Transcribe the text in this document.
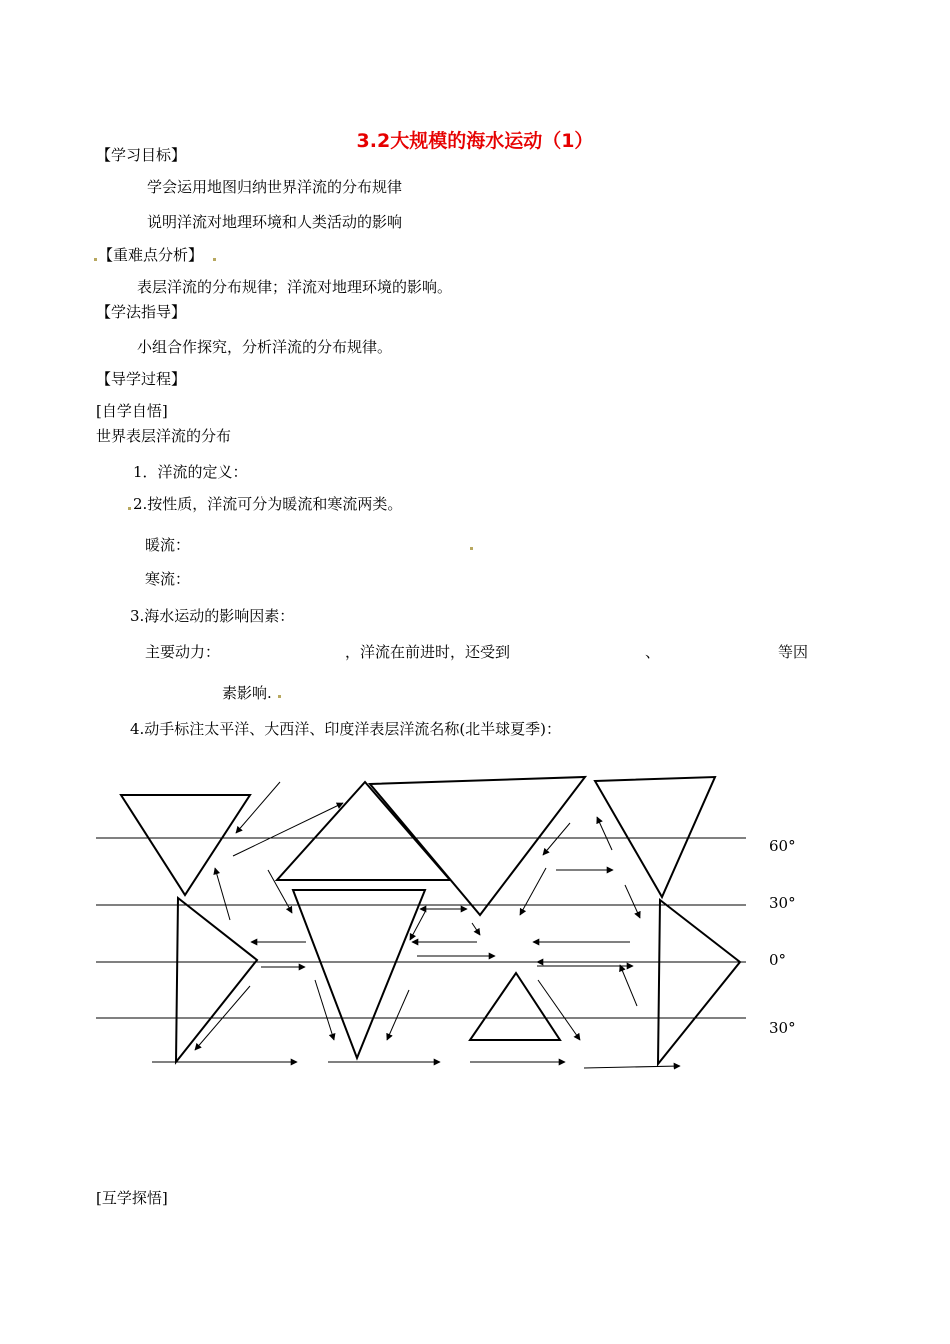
3.2大规模的海水运动（1）
【学习目标】
学会运用地图归纳世界洋流的分布规律
说明洋流对地理环境和人类活动的影响
【重难点分析】
表层洋流的分布规律；洋流对地理环境的影响。
【学法指导】
小组合作探究，分析洋流的分布规律。
【导学过程】
[自学自悟]
世界表层洋流的分布
1．洋流的定义：
2.按性质，洋流可分为暖流和寒流两类。
暖流：
寒流：
3.海水运动的影响因素：
主要动力：	，洋流在前进时，还受到	、	等因
素影响.
4.动手标注太平洋、大西洋、印度洋表层洋流名称(北半球夏季)：
60°
30°
0°
30°
[互学探悟]
